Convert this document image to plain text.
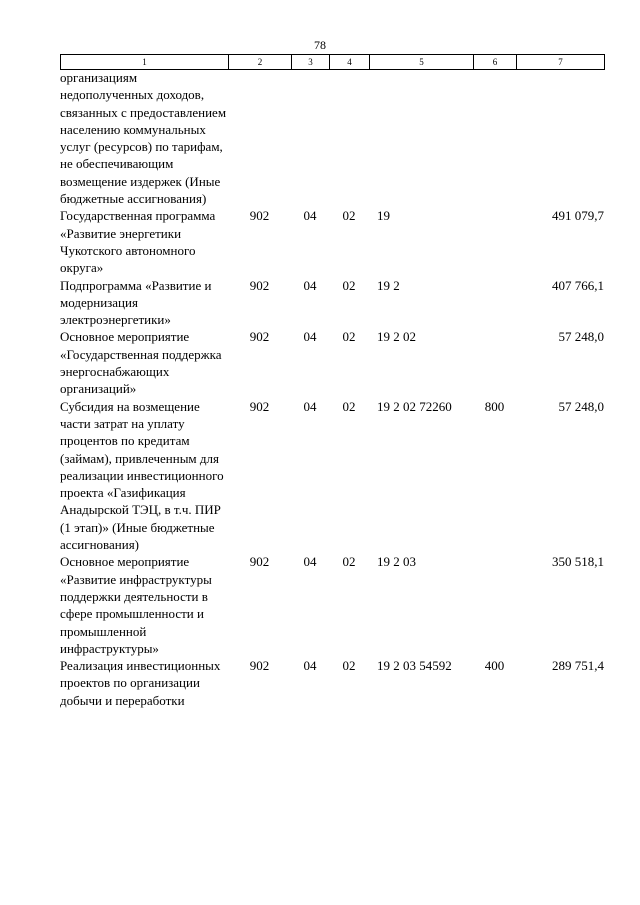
78
1	2	3	4	5	6	7
организациям недополученных доходов, связанных с предоставлением населению коммунальных услуг (ресурсов) по тарифам, не обеспечивающим возмещение издержек (Иные бюджетные ассигнования)						
Государственная программа «Развитие энергетики Чукотского автономного округа»	902	04	02	19		491 079,7
Подпрограмма «Развитие и модернизация электроэнергетики»	902	04	02	19 2		407 766,1
Основное мероприятие «Государственная поддержка энергоснабжающих организаций»	902	04	02	19 2 02		57 248,0
Субсидия на возмещение части затрат на уплату процентов по кредитам (займам), привлеченным для реализации инвестиционного проекта «Газификация Анадырской ТЭЦ, в т.ч. ПИР (1 этап)» (Иные бюджетные ассигнования)	902	04	02	19 2 02 72260	800	57 248,0
Основное мероприятие «Развитие инфраструктуры поддержки деятельности в сфере промышленности и промышленной инфраструктуры»	902	04	02	19 2 03		350 518,1
Реализация инвестиционных проектов по организации добычи и переработки	902	04	02	19 2 03 54592	400	289 751,4
